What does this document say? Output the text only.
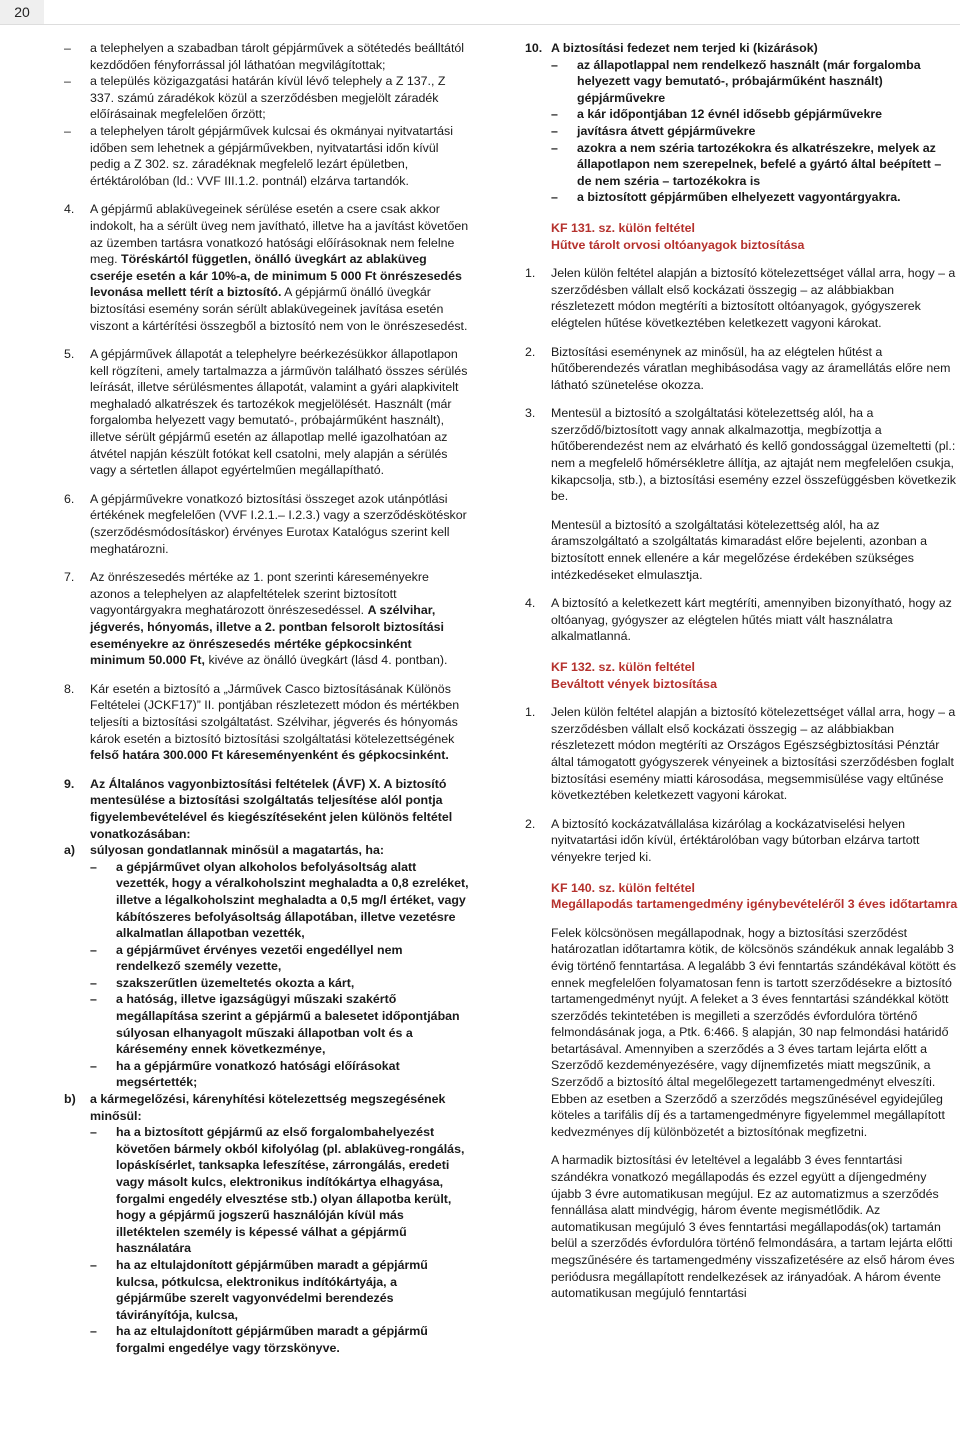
20
– a telephelyen a szabadban tárolt gépjárművek a sötétedés beálltától kezdődően fényforrással jól láthatóan megvilágítottak;
– a település közigazgatási határán kívül lévő telephely a Z 137., Z 337. számú záradékok közül a szerződésben megjelölt záradék előírásainak megfelelően őrzött;
– a telephelyen tárolt gépjárművek kulcsai és okmányai nyitvatartási időben sem lehetnek a gépjárművekben, nyitvatartási időn kívül pedig a Z 302. sz. záradéknak megfelelő lezárt épületben, értéktárolóban (ld.: VVF III.1.2. pontnál) elzárva tartandók.
4. A gépjármű ablaküvegeinek sérülése esetén a csere csak akkor indokolt, ha a sérült üveg nem javítható, illetve ha a javítást követően az üzemben tartásra vonatkozó hatósági előírásoknak nem felelne meg. Töréskártól független, önálló üvegkárt az ablaküveg cseréje esetén a kár 10%-a, de minimum 5 000 Ft önrészesedés levonása mellett térít a biztosító. A gépjármű önálló üvegkár biztosítási esemény során sérült ablaküvegeinek javítása esetén viszont a kártérítési összegből a biztosító nem von le önrészesedést.
5. A gépjárművek állapotát a telephelyre beérkezésükkor állapotlapon kell rögzíteni, amely tartalmazza a járművön található összes sérülés leírását, illetve sérülésmentes állapotát, valamint a gyári alapkivitelt meghaladó alkatrészek és tartozékok megjelölését. Használt (már forgalomba helyezett vagy bemutató-, próbajárműként használt), illetve sérült gépjármű esetén az állapotlap mellé igazolhatóan az átvétel napján készült fotókat kell csatolni, mely alapján a sérülés vagy a sértetlen állapot egyértelműen megállapítható.
6. A gépjárművekre vonatkozó biztosítási összeget azok utánpótlási értékének megfelelően (VVF I.2.1.– I.2.3.) vagy a szerződéskötéskor (szerződésmódosításkor) érvényes Eurotax Katalógus szerint kell meghatározni.
7. Az önrészesedés mértéke az 1. pont szerinti káreseményekre azonos a telephelyen az alapfeltételek szerint biztosított vagyontárgyakra meghatározott önrészesedéssel. A szélvihar, jégverés, hónyomás, illetve a 2. pontban felsorolt biztosítási eseményekre az önrészesedés mértéke gépkocsinként minimum 50.000 Ft, kivéve az önálló üvegkárt (lásd 4. pontban).
8. Kár esetén a biztosító a „Járművek Casco biztosításának Különös Feltételei (JCKF17)” II. pontjában részletezett módon és mértékben teljesíti a biztosítási szolgáltatást. Szélvihar, jégverés és hónyomás károk esetén a biztosító biztosítási szolgáltatási kötelezettségének felső határa 300.000 Ft káreseményenként és gépkocsinként.
9. Az Általános vagyonbiztosítási feltételek (ÁVF) X. A biztosító mentesülése a biztosítási szolgáltatás teljesítése alól pontja figyelembevételével és kiegészítéseként jelen különös feltétel vonatkozásában:
a) súlyosan gondatlannak minősül a magatartás, ha:
– a gépjárművet olyan alkoholos befolyásoltság alatt vezették, hogy a véralkoholszint meghaladta a 0,8 ezreléket, illetve a légalkoholszint meghaladta a 0,5 mg/l értéket, vagy kábítószeres befolyásoltság állapotában, illetve vezetésre alkalmatlan állapotban vezették,
– a gépjárművet érvényes vezetői engedéllyel nem rendelkező személy vezette,
– szakszerűtlen üzemeltetés okozta a kárt,
– a hatóság, illetve igazságügyi műszaki szakértő megállapítása szerint a gépjármű a balesetet időpontjában súlyosan elhanyagolt műszaki állapotban volt és a kárésemény ennek következménye,
– ha a gépjárműre vonatkozó hatósági előírásokat megsértették;
b) a kármegelőzési, kárenyhítési kötelezettség megszegésének minősül:
– ha a biztosított gépjármű az első forgalombahelyezést követően bármely okból kifolyólag (pl. ablaküveg-rongálás, lopáskísérlet, tanksapka lefeszítése, zárrongálás, eredeti vagy másolt kulcs, elektronikus indítókártya elhagyása, forgalmi engedély elvesztése stb.) olyan állapotba került, hogy a gépjármű jogszerű használóján kívül más illetéktelen személy is képessé válhat a gépjármű használatára
– ha az eltulajdonított gépjárműben maradt a gépjármű kulcsa, pótkulcsa, elektronikus indítókártyája, a gépjárműbe szerelt vagyonvédelmi berendezés távirányítója, kulcsa,
– ha az eltulajdonított gépjárműben maradt a gépjármű forgalmi engedélye vagy törzskönyve.
10. A biztosítási fedezet nem terjed ki (kizárások)
– az állapotlappal nem rendelkező használt (már forgalomba helyezett vagy bemutató-, próbajárműként használt) gépjárművekre
– a kár időpontjában 12 évnél idősebb gépjárművekre
– javításra átvett gépjárművekre
– azokra a nem széria tartozékokra és alkatrészekre, melyek az állapotlapon nem szerepelnek, befelé a gyártó által beépített – de nem széria – tartozékokra is
– a biztosított gépjárműben elhelyezett vagyontárgyakra.
KF 131. sz. külön feltétel
Hűtve tárolt orvosi oltóanyagok biztosítása
1. Jelen külön feltétel alapján a biztosító kötelezettséget vállal arra, hogy – a szerződésben vállalt első kockázati összegig – az alábbiakban részletezett módon megtéríti a biztosított oltóanyagok, gyógyszerek elégtelen hűtése következtében keletkezett vagyoni károkat.
2. Biztosítási eseménynek az minősül, ha az elégtelen hűtést a hűtőberendezés váratlan meghibásodása vagy az áramellátás előre nem látható szünetelése okozza.
3. Mentesül a biztosító a szolgáltatási kötelezettség alól, ha a szerződő/biztosított vagy annak alkalmazottja, megbízottja a hűtőberendezést nem az elvárható és kellő gondossággal üzemeltetti (pl.: nem a megfelelő hőmérsékletre állítja, az ajtaját nem megfelelően csukja, kikapcsolja, stb.), a biztosítási esemény ezzel összefüggésben következik be.
Mentesül a biztosító a szolgáltatási kötelezettség alól, ha az áramszolgáltató a szolgáltatás kimaradást előre bejelenti, azonban a biztosított ennek ellenére a kár megelőzése érdekében szükséges intézkedéseket elmulasztja.
4. A biztosító a keletkezett kárt megtéríti, amennyiben bizonyítható, hogy az oltóanyag, gyógyszer az elégtelen hűtés miatt vált használatra alkalmatlanná.
KF 132. sz. külön feltétel
Beváltott vények biztosítása
1. Jelen külön feltétel alapján a biztosító kötelezettséget vállal arra, hogy – a szerződésben vállalt első kockázati összegig – az alábbiakban részletezett módon megtéríti az Országos Egészségbiztosítási Pénztár által támogatott gyógyszerek vényeinek a biztosítási szerződésben foglalt biztosítási esemény miatti károsodása, megsemmisülése vagy eltűnése következtében keletkezett vagyoni károkat.
2. A biztosító kockázatvállalása kizárólag a kockázatviselési helyen nyitvatartási időn kívül, értéktárolóban vagy bútorban elzárva tartott vényekre terjed ki.
KF 140. sz. külön feltétel
Megállapodás tartamengedmény igénybevételéről 3 éves időtartamra
Felek kölcsönösen megállapodnak, hogy a biztosítási szerződést határozatlan időtartamra kötik, de kölcsönös szándékuk annak legalább 3 évig történő fenntartása. A legalább 3 évi fenntartás szándékával kötött és ennek megfelelően folyamatosan fenn is tartott szerződésekre a biztosító tartamengedményt nyújt. A feleket a 3 éves fenntartási szándékkal kötött szerződés tekintetében is megilleti a szerződés évfordulóra történő felmondásának joga, a Ptk. 6:466. § alapján, 30 nap felmondási határidő betartásával. Amennyiben a szerződés a 3 éves tartam lejárta előtt a Szerződő kezdeményezésére, vagy díjnemfizetés miatt megszűnik, a Szerződő a biztosító által megelőlegezett tartamengedményt elveszíti. Ebben az esetben a Szerződő a szerződés megszűnésével egyidejűleg köteles a tarifális díj és a tartamengedményre figyelemmel megállapított kedvezményes díj különbözetét a biztosítónak megfizetni.
A harmadik biztosítási év leteltével a legalább 3 éves fenntartási szándékra vonatkozó megállapodás és ezzel együtt a díjengedmény újabb 3 évre automatikusan megújul. Ez az automatizmus a szerződés fennállása alatt mindvégig, három évente megismétlődik. Az automatikusan megújuló 3 éves fenntartási megállapodás(ok) tartamán belül a szerződés évfordulóra történő felmondására, a tartam lejárta előtti megszűnésére és tartamengedmény visszafizetésére az első három éves periódusra megállapított rendelkezések az irányadóak. A három évente automatikusan megújuló fenntartási
